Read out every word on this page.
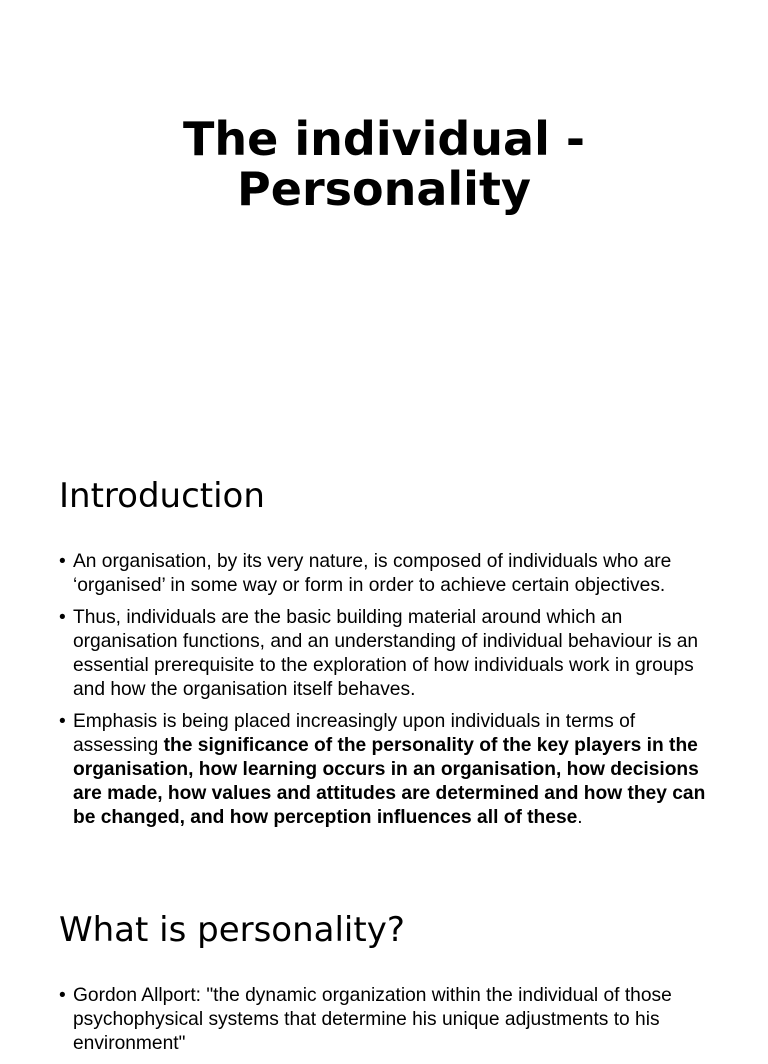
The individual -
Personality
Introduction
• An organisation, by its very nature, is composed of individuals who are ‘organised’ in some way or form in order to achieve certain objectives.
• Thus, individuals are the basic building material around which an organisation functions, and an understanding of individual behaviour is an essential prerequisite to the exploration of how individuals work in groups and how the organisation itself behaves.
• Emphasis is being placed increasingly upon individuals in terms of assessing the significance of the personality of the key players in the organisation, how learning occurs in an organisation, how decisions are made, how values and attitudes are determined and how they can be changed, and how perception influences all of these.
What is personality?
• Gordon Allport: "the dynamic organization within the individual of those psychophysical systems that determine his unique adjustments to his environment"
